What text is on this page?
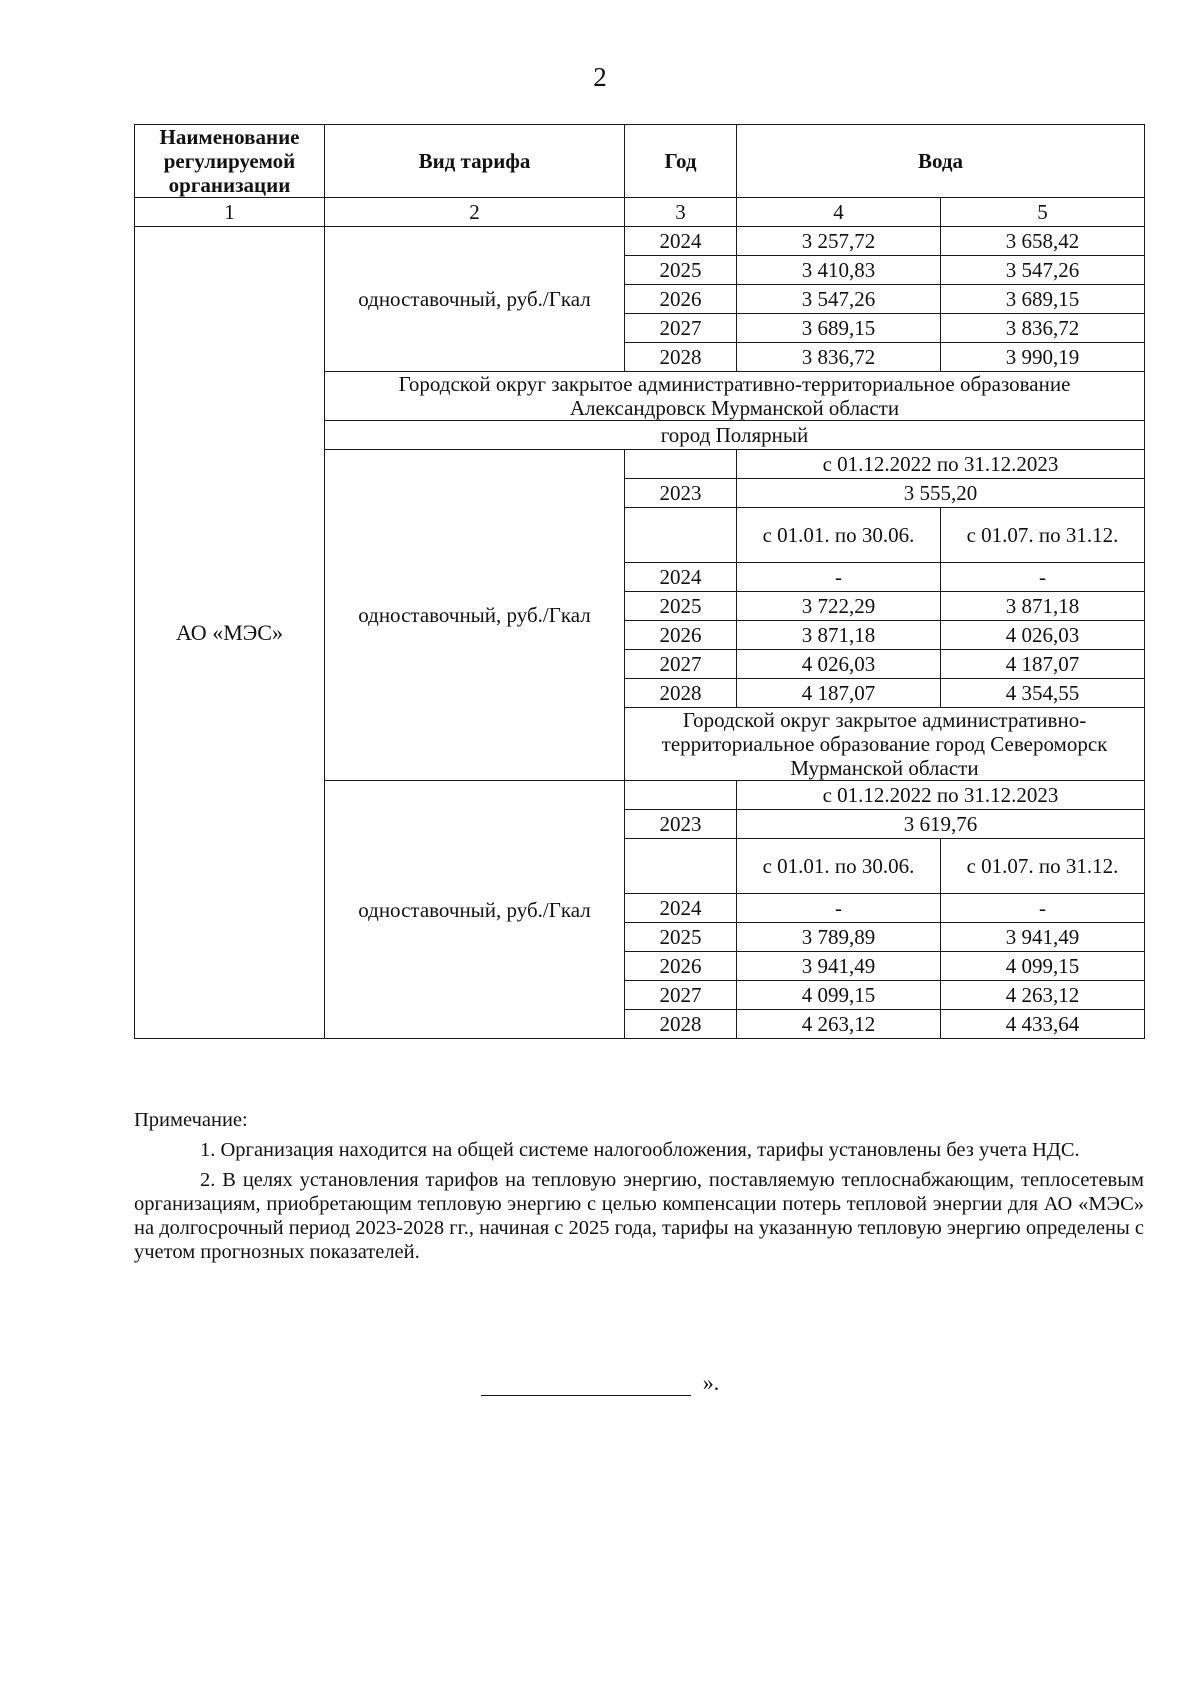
2
Наименование регулируемой организации	Вид тарифа	Год	Вода	
1	2	3	4	5
АО «МЭС»	одноставочный, руб./Гкал	2024	3 257,72	3 658,42
		2025	3 410,83	3 547,26
		2026	3 547,26	3 689,15
		2027	3 689,15	3 836,72
		2028	3 836,72	3 990,19
	Городской округ закрытое административно-территориальное образование Александровск Мурманской области			
	город Полярный			
	одноставочный, руб./Гкал		с 01.12.2022 по 31.12.2023	
		2023	3 555,20	
			с 01.01. по 30.06.	с 01.07. по 31.12.
		2024	-	-
		2025	3 722,29	3 871,18
		2026	3 871,18	4 026,03
		2027	4 026,03	4 187,07
		2028	4 187,07	4 354,55
		Городской округ закрытое административно-территориальное образование город Североморск Мурманской области		
	одноставочный, руб./Гкал		с 01.12.2022 по 31.12.2023	
		2023	3 619,76	
			с 01.01. по 30.06.	с 01.07. по 31.12.
		2024	-	-
		2025	3 789,89	3 941,49
		2026	3 941,49	4 099,15
		2027	4 099,15	4 263,12
		2028	4 263,12	4 433,64
Примечание:

1. Организация находится на общей системе налогообложения, тарифы установлены без учета НДС.

2. В целях установления тарифов на тепловую энергию, поставляемую теплоснабжающим, теплосетевым организациям, приобретающим тепловую энергию с целью компенсации потерь тепловой энергии для АО «МЭС» на долгосрочный период 2023-2028 гг., начиная с 2025 года, тарифы на указанную тепловую энергию определены с учетом прогнозных показателей.

».
